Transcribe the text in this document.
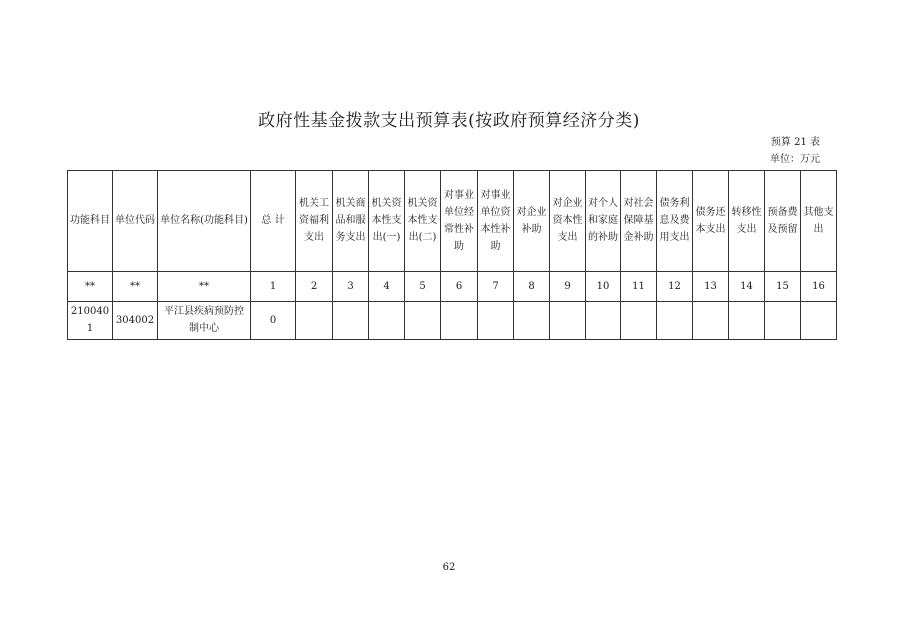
政府性基金拨款支出预算表(按政府预算经济分类)
预算 21 表
单位：万元
功能科目	单位代码	单位名称(功能科目)	总 计	机关工资福利支出	机关商品和服务支出	机关资本性支出(一)	机关资本性支出(二)	对事业单位经常性补助	对事业单位资本性补助	对企业补助	对企业资本性支出	对个人和家庭的补助	对社会保障基金补助	债务利息及费用支出	债务还本支出	转移性支出	预备费及预留	其他支出
**	**	**	1	2	3	4	5	6	7	8	9	10	11	12	13	14	15	16
2100401	304002	平江县疾病预防控制中心	0															
62
